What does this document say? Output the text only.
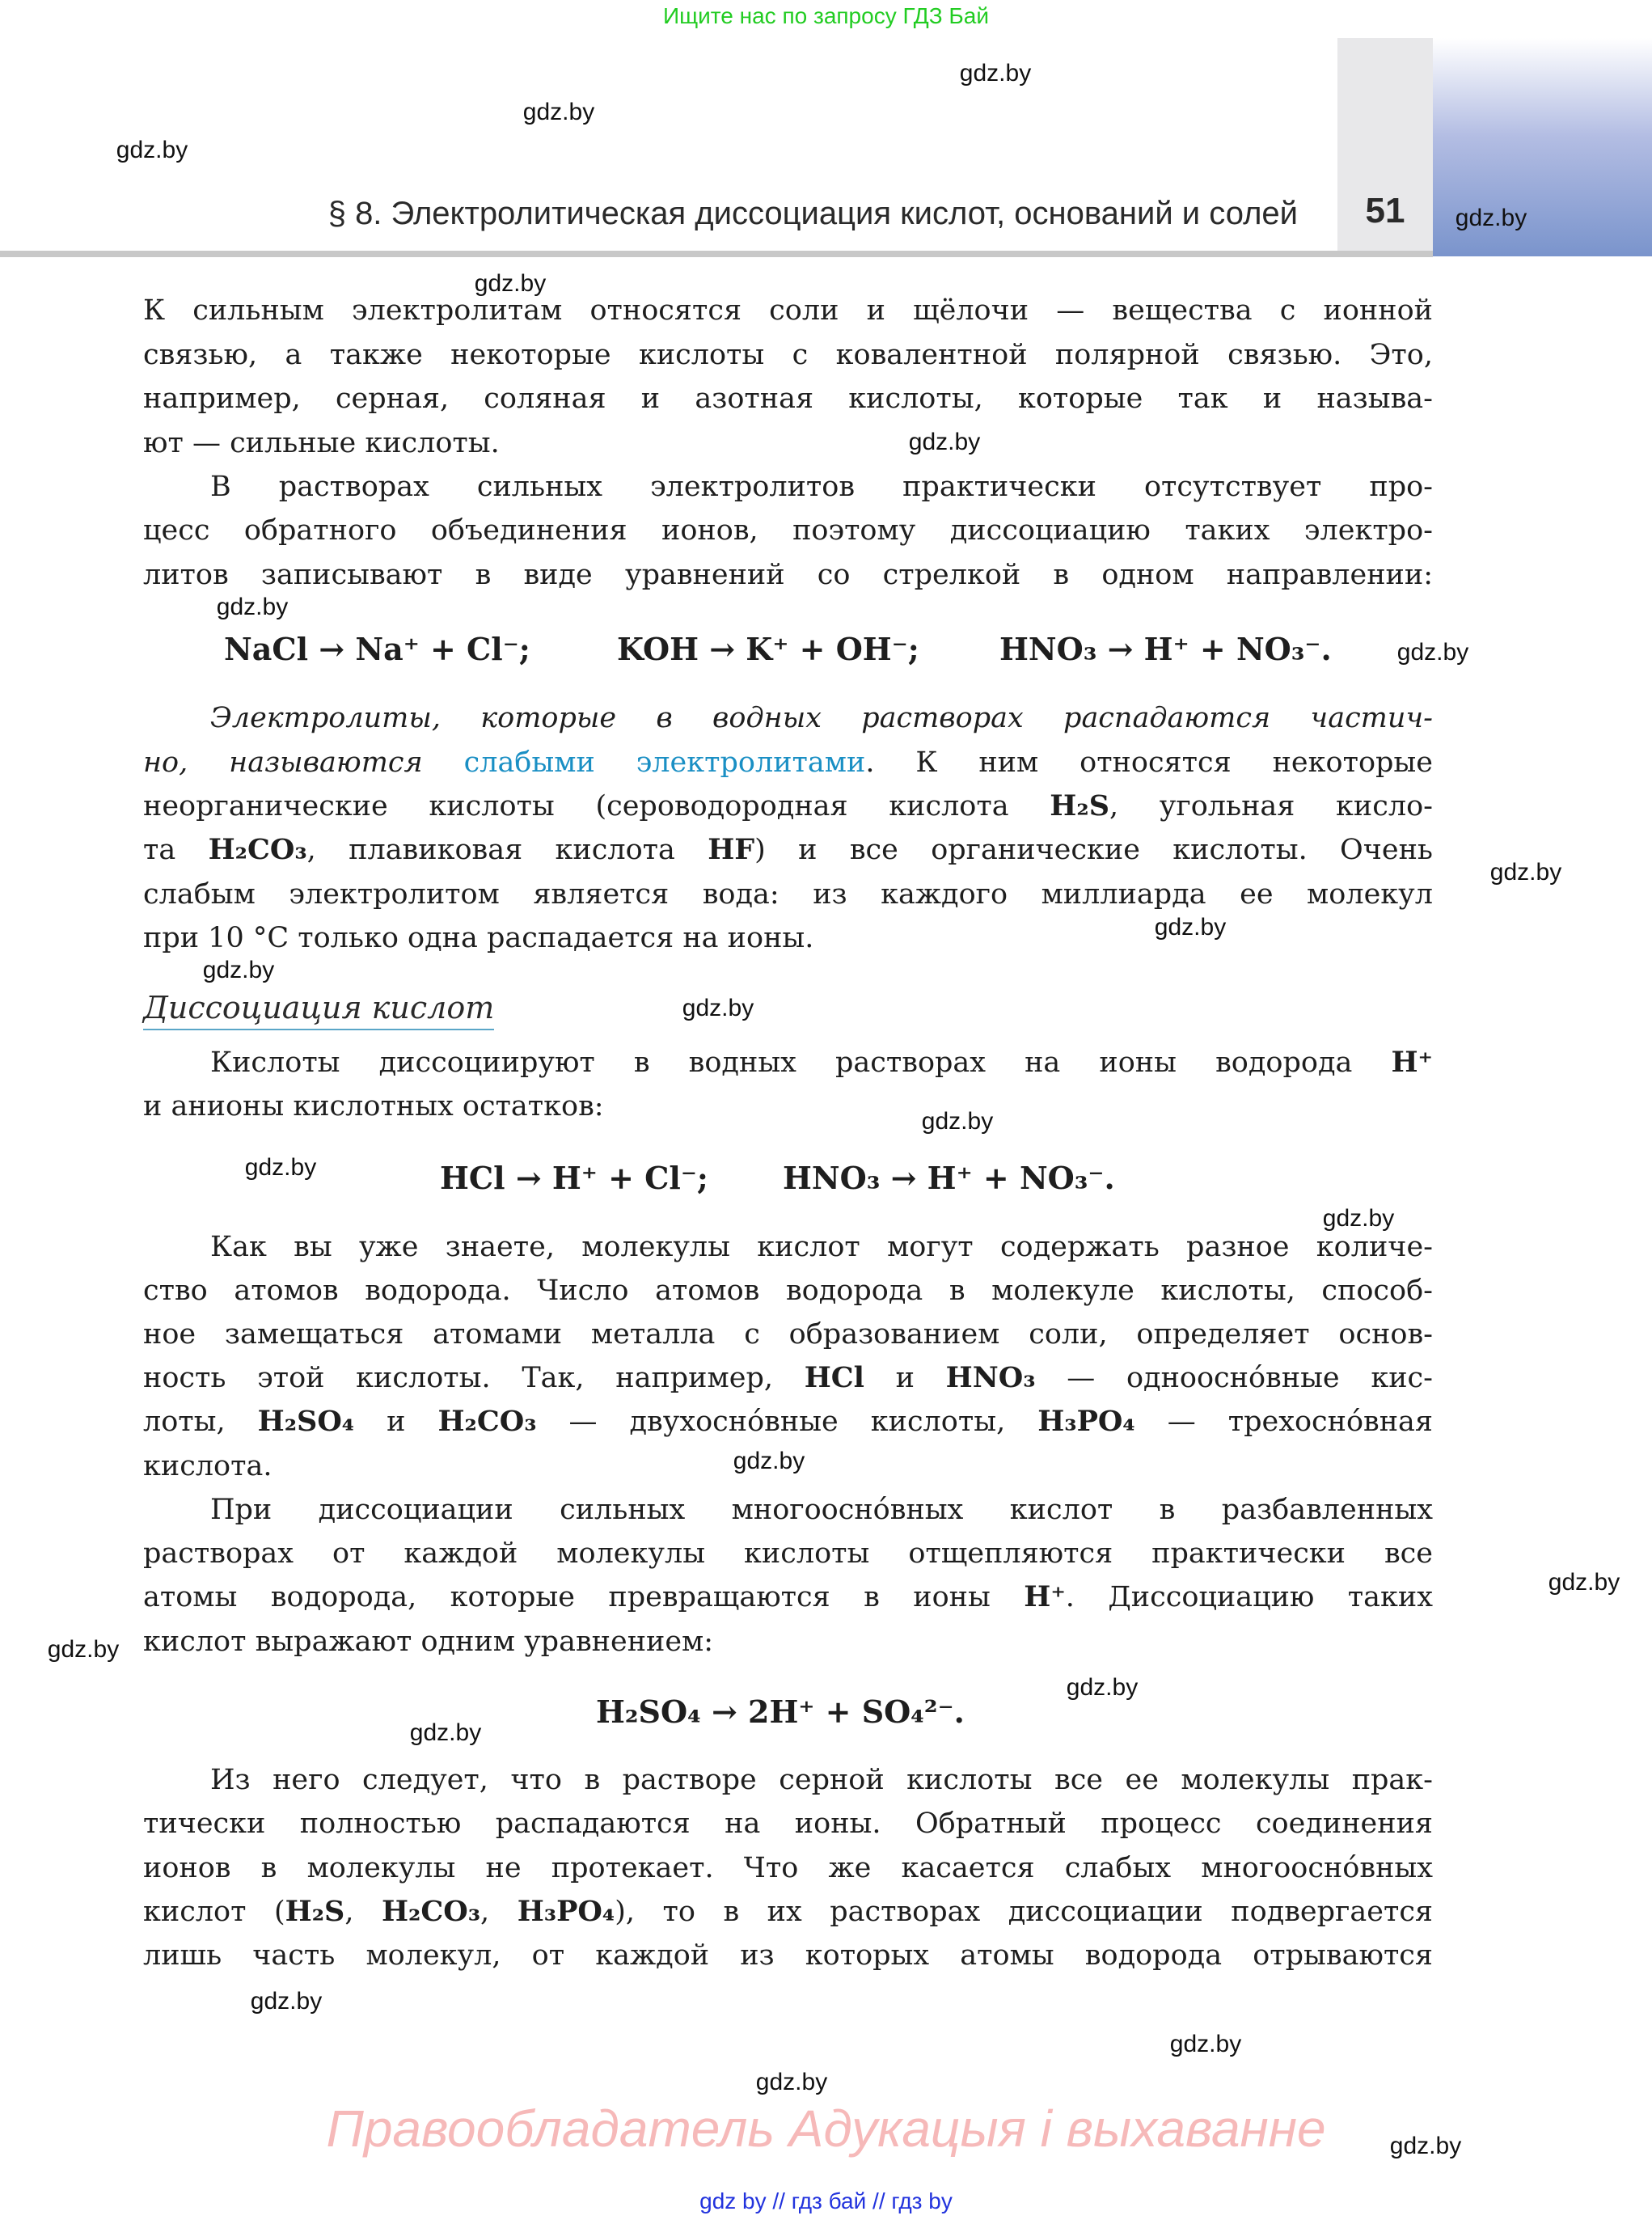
Ищите нас по запросу ГДЗ Бай
§ 8. Электролитическая диссоциация кислот, оснований и солей	51
К сильным электролитам относятся соли и щёлочи — вещества с ионной
связью, а также некоторые кислоты с ковалентной полярной связью. Это,
например, серная, соляная и азотная кислоты, которые так и называ-
ют — сильные кислоты.
В растворах сильных электролитов практически отсутствует про-
цесс обратного объединения ионов, поэтому диссоциацию таких электро-
литов записывают в виде уравнений со стрелкой в одном направлении:
Электролиты, которые в водных растворах распадаются частич-
но, называются слабыми электролитами. К ним относятся некоторые
неорганические кислоты (сероводородная кислота H₂S, угольная кисло-
та H₂CO₃, плавиковая кислота HF) и все органические кислоты. Очень
слабым электролитом является вода: из каждого миллиарда ее молекул
при 10 °C только одна распадается на ионы.
Кислоты диссоциируют в водных растворах на ионы водорода H⁺
и анионы кислотных остатков:
Как вы уже знаете, молекулы кислот могут содержать разное количе-
ство атомов водорода. Число атомов водорода в молекуле кислоты, способ-
ное замещаться атомами металла с образованием соли, определяет основ-
ность этой кислоты. Так, например, HCl и HNO₃ — одноосно́вные кис-
лоты, H₂SO₄ и H₂CO₃ — двухосно́вные кислоты, H₃PO₄ — трехосно́вная
кислота.
При диссоциации сильных многоосно́вных кислот в разбавленных
растворах от каждой молекулы кислоты отщепляются практически все
атомы водорода, которые превращаются в ионы H⁺. Диссоциацию таких
кислот выражают одним уравнением:
Из него следует, что в растворе серной кислоты все ее молекулы прак-
тически полностью распадаются на ионы. Обратный процесс соединения
ионов в молекулы не протекает. Что же касается слабых многоосно́вных
кислот (H₂S, H₂CO₃, H₃PO₄), то в их растворах диссоциации подвергается
лишь часть молекул, от каждой из которых атомы водорода отрываются
NaCl → Na⁺ + Cl⁻;	KOH → K⁺ + OH⁻;	HNO₃ → H⁺ + NO₃⁻.
Диссоциация кислот
HCl → H⁺ + Cl⁻; HNO₃ → H⁺ + NO₃⁻.
H₂SO₄ → 2H⁺ + SO₄²⁻.
gdz.by
gdz.by
gdz.by
gdz.by
gdz.by
gdz.by
gdz.by
gdz.by
gdz.by
gdz.by
gdz.by
gdz.by
gdz.by
gdz.by
gdz.by
gdz.by
gdz.by
gdz.by
gdz.by
gdz.by
gdz.by
gdz.by
gdz.by
gdz.by
Правообладатель Адукацыя і выхаванне
gdz by // гдз бай // гдз by
